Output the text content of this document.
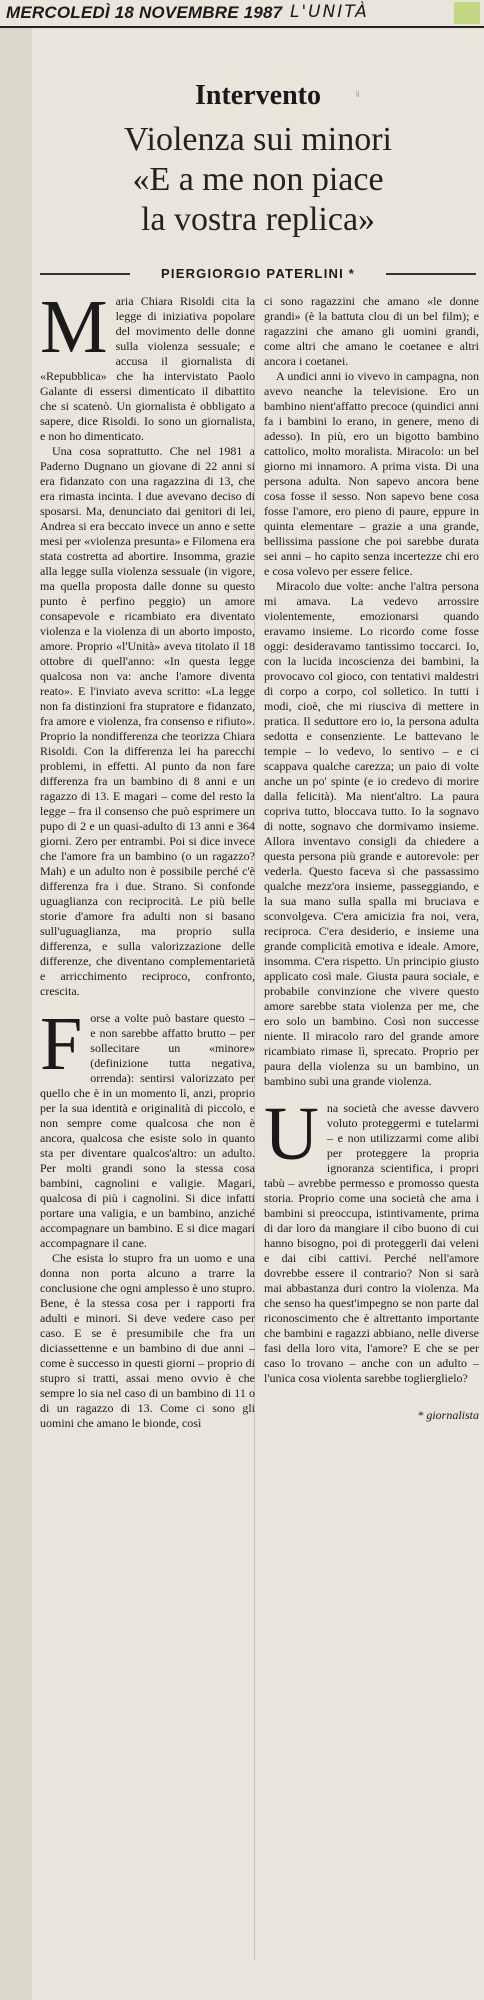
MERCOLEDÌ 18 NOVEMBRE 1987 L'UNITÀ
li
Intervento
Violenza sui minori
«E a me non piace
la vostra replica»
PIERGIORGIO PATERLINI *

Maria Chiara Risoldi cita la legge di iniziativa popolare del movimento delle donne sulla violenza sessuale; e accusa il giornalista di «Repubblica» che ha intervistato Paolo Galante di essersi dimenticato il dibattito che si scatenò. Un giornalista è obbligato a sapere, dice Risoldi. Io sono un giornalista, e non ho dimenticato.

Una cosa soprattutto. Che nel 1981 a Paderno Dugnano un giovane di 22 anni si era fidanzato con una ragazzina di 13, che era rimasta incinta. I due avevano deciso di sposarsi. Ma, denunciato dai genitori di lei, Andrea si era beccato invece un anno e sette mesi per «violenza presunta» e Filomena era stata costretta ad abortire. Insomma, grazie alla legge sulla violenza sessuale (in vigore, ma quella proposta dalle donne su questo punto è perfino peggio) un amore consapevole e ricambiato era diventato violenza e la violenza di un aborto imposto, amore. Proprio «l'Unità» aveva titolato il 18 ottobre di quell'anno: «In questa legge qualcosa non va: anche l'amore diventa reato». E l'inviato aveva scritto: «La legge non fa distinzioni fra stupratore e fidanzato, fra amore e violenza, fra consenso e rifiuto». Proprio la nondifferenza che teorizza Chiara Risoldi. Con la differenza lei ha parecchi problemi, in effetti. Al punto da non fare differenza fra un bambino di 8 anni e un ragazzo di 13. E magari – come del resto la legge – fra il consenso che può esprimere un pupo di 2 e un quasi-adulto di 13 anni e 364 giorni. Zero per entrambi. Poi si dice invece che l'amore fra un bambino (o un ragazzo? Mah) e un adulto non è possibile perché c'è differenza fra i due. Strano. Si confonde uguaglianza con reciprocità. Le più belle storie d'amore fra adulti non si basano sull'uguaglianza, ma proprio sulla differenza, e sulla valorizzazione delle differenze, che diventano complementarietà e arricchimento reciproco, confronto, crescita.

Forse a volte può bastare questo – e non sarebbe affatto brutto – per sollecitare un «minore» (definizione tutta negativa, orrenda): sentirsi valorizzato per quello che è in un momento lì, anzi, proprio per la sua identità e originalità di piccolo, e non sempre come qualcosa che non è ancora, qualcosa che esiste solo in quanto sta per diventare qualcos'altro: un adulto. Per molti grandi sono la stessa cosa bambini, cagnolini e valigie. Magari, qualcosa di più i cagnolini. Si dice infatti portare una valigia, e un bambino, anziché accompagnare un bambino. E si dice magari accompagnare il cane.

Che esista lo stupro fra un uomo e una donna non porta alcuno a trarre la conclusione che ogni amplesso è uno stupro. Bene, è la stessa cosa per i rapporti fra adulti e minori. Si deve vedere caso per caso. E se è presumibile che fra un diciassettenne e un bambino di due anni – come è successo in questi giorni – proprio di stupro si tratti, assai meno ovvio è che sempre lo sia nel caso di un bambino di 11 o di un ragazzo di 13. Come ci sono gli uomini che amano le bionde, così

ci sono ragazzini che amano «le donne grandi» (è la battuta clou di un bel film); e ragazzini che amano gli uomini grandi, come altri che amano le coetanee e altri ancora i coetanei.

A undici anni io vivevo in campagna, non avevo neanche la televisione. Ero un bambino nient'affatto precoce (quindici anni fa i bambini lo erano, in genere, meno di adesso). In più, ero un bigotto bambino cattolico, molto moralista. Miracolo: un bel giorno mi innamoro. A prima vista. Di una persona adulta. Non sapevo ancora bene cosa fosse il sesso. Non sapevo bene cosa fosse l'amore, ero pieno di paure, eppure in quinta elementare – grazie a una grande, bellissima passione che poi sarebbe durata sei anni – ho capito senza incertezze chi ero e cosa volevo per essere felice.

Miracolo due volte: anche l'altra persona mi amava. La vedevo arrossire violentemente, emozionarsi quando eravamo insieme. Lo ricordo come fosse oggi: desideravamo tantissimo toccarci. Io, con la lucida incoscienza dei bambini, la provocavo col gioco, con tentativi maldestri di corpo a corpo, col solletico. In tutti i modi, cioè, che mi riusciva di mettere in pratica. Il seduttore ero io, la persona adulta sedotta e consenziente. Le battevano le tempie – lo vedevo, lo sentivo – e ci scappava qualche carezza; un paio di volte anche un po' spinte (e io credevo di morire dalla felicità). Ma nient'altro. La paura copriva tutto, bloccava tutto. Io la sognavo di notte, sognavo che dormivamo insieme. Allora inventavo consigli da chiedere a questa persona più grande e autorevole: per vederla. Questo faceva sì che passassimo qualche mezz'ora insieme, passeggiando, e la sua mano sulla spalla mi bruciava e sconvolgeva. C'era amicizia fra noi, vera, reciproca. C'era desiderio, e insieme una grande complicità emotiva e ideale. Amore, insomma. C'era rispetto. Un principio giusto applicato così male. Giusta paura sociale, e probabile convinzione che vivere questo amore sarebbe stata violenza per me, che ero solo un bambino. Così non successe niente. Il miracolo raro del grande amore ricambiato rimase lì, sprecato. Proprio per paura della violenza su un bambino, un bambino subì una grande violenza.

Una società che avesse davvero voluto proteggermi e tutelarmi – e non utilizzarmi come alibi per proteggere la propria ignoranza scientifica, i propri tabù – avrebbe permesso e promosso questa storia. Proprio come una società che ama i bambini si preoccupa, istintivamente, prima di dar loro da mangiare il cibo buono di cui hanno bisogno, poi di proteggerli dai veleni e dai cibi cattivi. Perché nell'amore dovrebbe essere il contrario? Non si sarà mai abbastanza duri contro la violenza. Ma che senso ha quest'impegno se non parte dal riconoscimento che è altrettanto importante che bambini e ragazzi abbiano, nelle diverse fasi della loro vita, l'amore? E che se per caso lo trovano – anche con un adulto – l'unica cosa violenta sarebbe toglierglielo?

* giornalista
